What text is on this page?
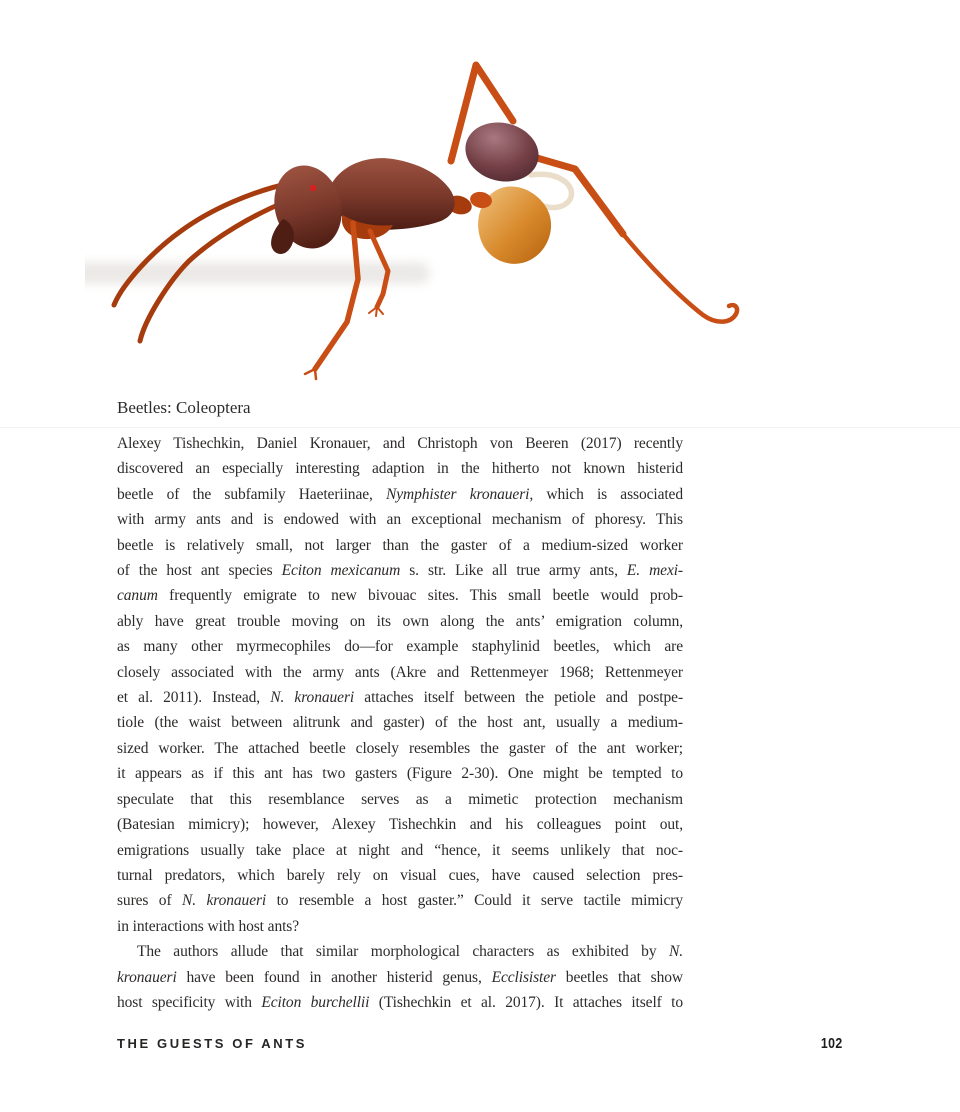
Beetles: Coleoptera
Alexey Tishechkin, Daniel Kronauer, and Christoph von Beeren (2017) recently
discovered an especially interesting adaption in the hitherto not known histerid
beetle of the subfamily Haeteriinae, Nymphister kronaueri, which is associated
with army ants and is endowed with an exceptional mechanism of phoresy. This
beetle is relatively small, not larger than the gaster of a medium-sized worker
of the host ant species Eciton mexicanum s. str. Like all true army ants, E. mexi-
canum frequently emigrate to new bivouac sites. This small beetle would prob-
ably have great trouble moving on its own along the ants’ emigration column,
as many other myrmecophiles do—for example staphylinid beetles, which are
closely associated with the army ants (Akre and Rettenmeyer 1968; Rettenmeyer
et al. 2011). Instead, N. kronaueri attaches itself between the petiole and postpe-
tiole (the waist between alitrunk and gaster) of the host ant, usually a medium-
sized worker. The attached beetle closely resembles the gaster of the ant worker;
it appears as if this ant has two gasters (Figure 2-30). One might be tempted to
speculate that this resemblance serves as a mimetic protection mechanism
(Batesian mimicry); however, Alexey Tishechkin and his colleagues point out,
emigrations usually take place at night and “hence, it seems unlikely that noc-
turnal predators, which barely rely on visual cues, have caused selection pres-
sures of N. kronaueri to resemble a host gaster.” Could it serve tactile mimicry
in interactions with host ants?
The authors allude that similar morphological characters as exhibited by N.
kronaueri have been found in another histerid genus, Ecclisister beetles that show
host specificity with Eciton burchellii (Tishechkin et al. 2017). It attaches itself to
THE GUESTS OF ANTS	102
